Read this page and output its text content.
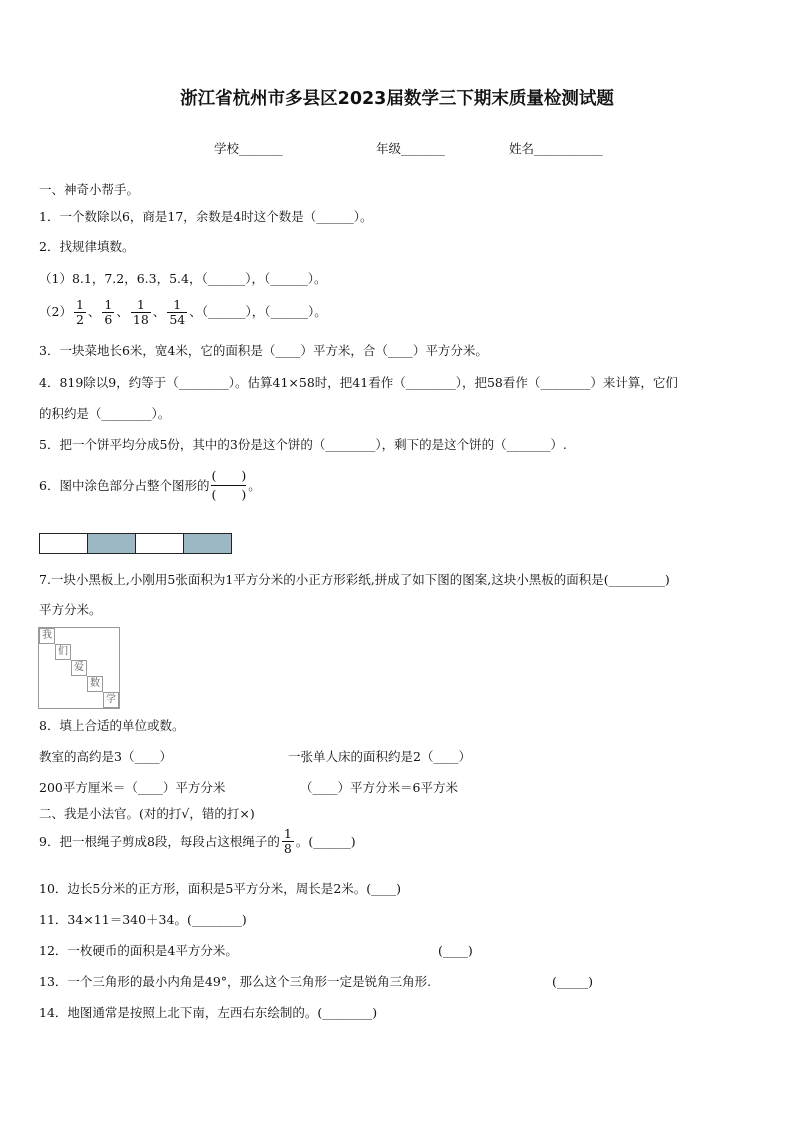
浙江省杭州市多县区2023届数学三下期末质量检测试题
学校_______	年级_______	姓名___________
一、神奇小帮手。
1．一个数除以6，商是17，余数是4时这个数是（______）。
2．找规律填数。
（1）8.1，7.2，6.3，5.4，（______），（______）。
$(2) \frac{1}{2}$ 、 $\frac{1}{6}$ 、 $\frac{1}{18}$ 、 $\frac{1}{54}$ 、（______），（______）。
3．一块菜地长6米，宽4米，它的面积是（____）平方米，合（____）平方分米。
4．819除以9，约等于（________）。估算41×58时，把41看作（________），把58看作（________）来计算，它们
的积约是（________）。
5．把一个饼平均分成5份，其中的3份是这个饼的（________），剩下的是这个饼的（_______）.
6．图中涂色部分占整个图形的
(　　)
(　　)
。
7.一块小黑板上,小刚用5张面积为1平方分米的小正方形彩纸,拼成了如下图的图案,这块小黑板的面积是(_________)
平方分米。
我
们
爱
数
学
8．填上合适的单位或数。
教室的高约是3（____）	一张单人床的面积约是2（____）
200平方厘米＝（____）平方分米	（____）平方分米＝6平方米
二、我是小法官。(对的打√，错的打×)
9．把一根绳子剪成8段，每段占这根绳子的 $\frac{1}{8}$ 。(______)
10．边长5分米的正方形，面积是5平方分米，周长是2米。(____)
11．34×11＝340＋34。(________)
12．一枚硬币的面积是4平方分米。	(____)
13．一个三角形的最小内角是49°，那么这个三角形一定是锐角三角形.	(_____)
14．地图通常是按照上北下南，左西右东绘制的。(________)
